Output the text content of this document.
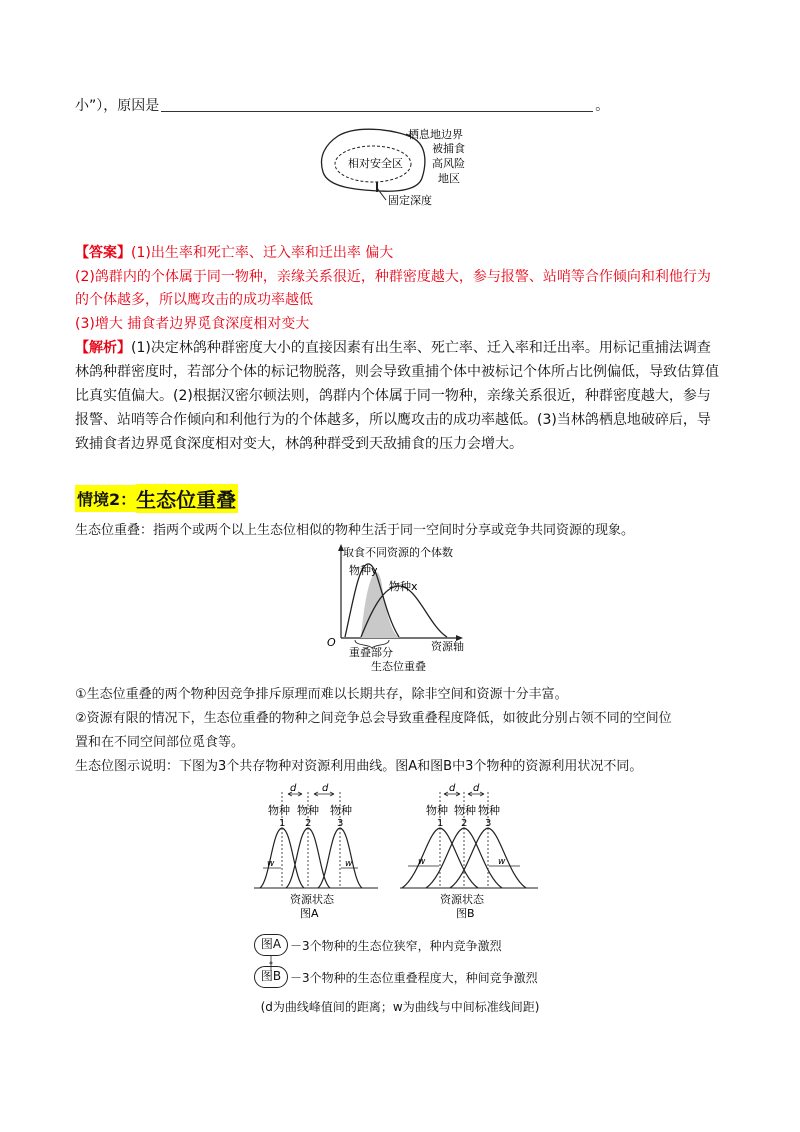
小”），原因是	。
栖息地边界
被捕食
高风险
地区
相对安全区
固定深度
【答案】(1)出生率和死亡率、迁入率和迁出率 偏大
(2)鸽群内的个体属于同一物种，亲缘关系很近，种群密度越大，参与报警、站哨等合作倾向和利他行为
的个体越多，所以鹰攻击的成功率越低
(3)增大 捕食者边界觅食深度相对变大
【解析】(1)决定林鸽种群密度大小的直接因素有出生率、死亡率、迁入率和迁出率。用标记重捕法调查
林鸽种群密度时，若部分个体的标记物脱落，则会导致重捕个体中被标记个体所占比例偏低，导致估算值
比真实值偏大。(2)根据汉密尔顿法则，鸽群内个体属于同一物种，亲缘关系很近，种群密度越大，参与
报警、站哨等合作倾向和利他行为的个体越多，所以鹰攻击的成功率越低。(3)当林鸽栖息地破碎后，导
致捕食者边界觅食深度相对变大，林鸽种群受到天敌捕食的压力会增大。
情境2： 生态位重叠
生态位重叠：指两个或两个以上生态位相似的物种生活于同一空间时分享或竞争共同资源的现象。
取食不同资源的个体数
O
物种y
物种x
资源轴
重叠部分
生态位重叠
①生态位重叠的两个物种因竞争排斥原理而难以长期共存，除非空间和资源十分丰富。
②资源有限的情况下，生态位重叠的物种之间竞争总会导致重叠程度降低，如彼此分别占领不同的空间位
置和在不同空间部位觅食等。
生态位图示说明：下图为3个共存物种对资源利用曲线。图A和图B中3个物种的资源利用状况不同。
d	d
物种 物种 物种
1 2	3
w	w
资源状态
图A
d d
物种 物种 物种
1 2 3
w	w
资源状态
图B
图A －3个物种的生态位狭窄，种内竞争激烈
图B －3个物种的生态位重叠程度大，种间竞争激烈
(d为曲线峰值间的距离；w为曲线与中间标准线间距)
